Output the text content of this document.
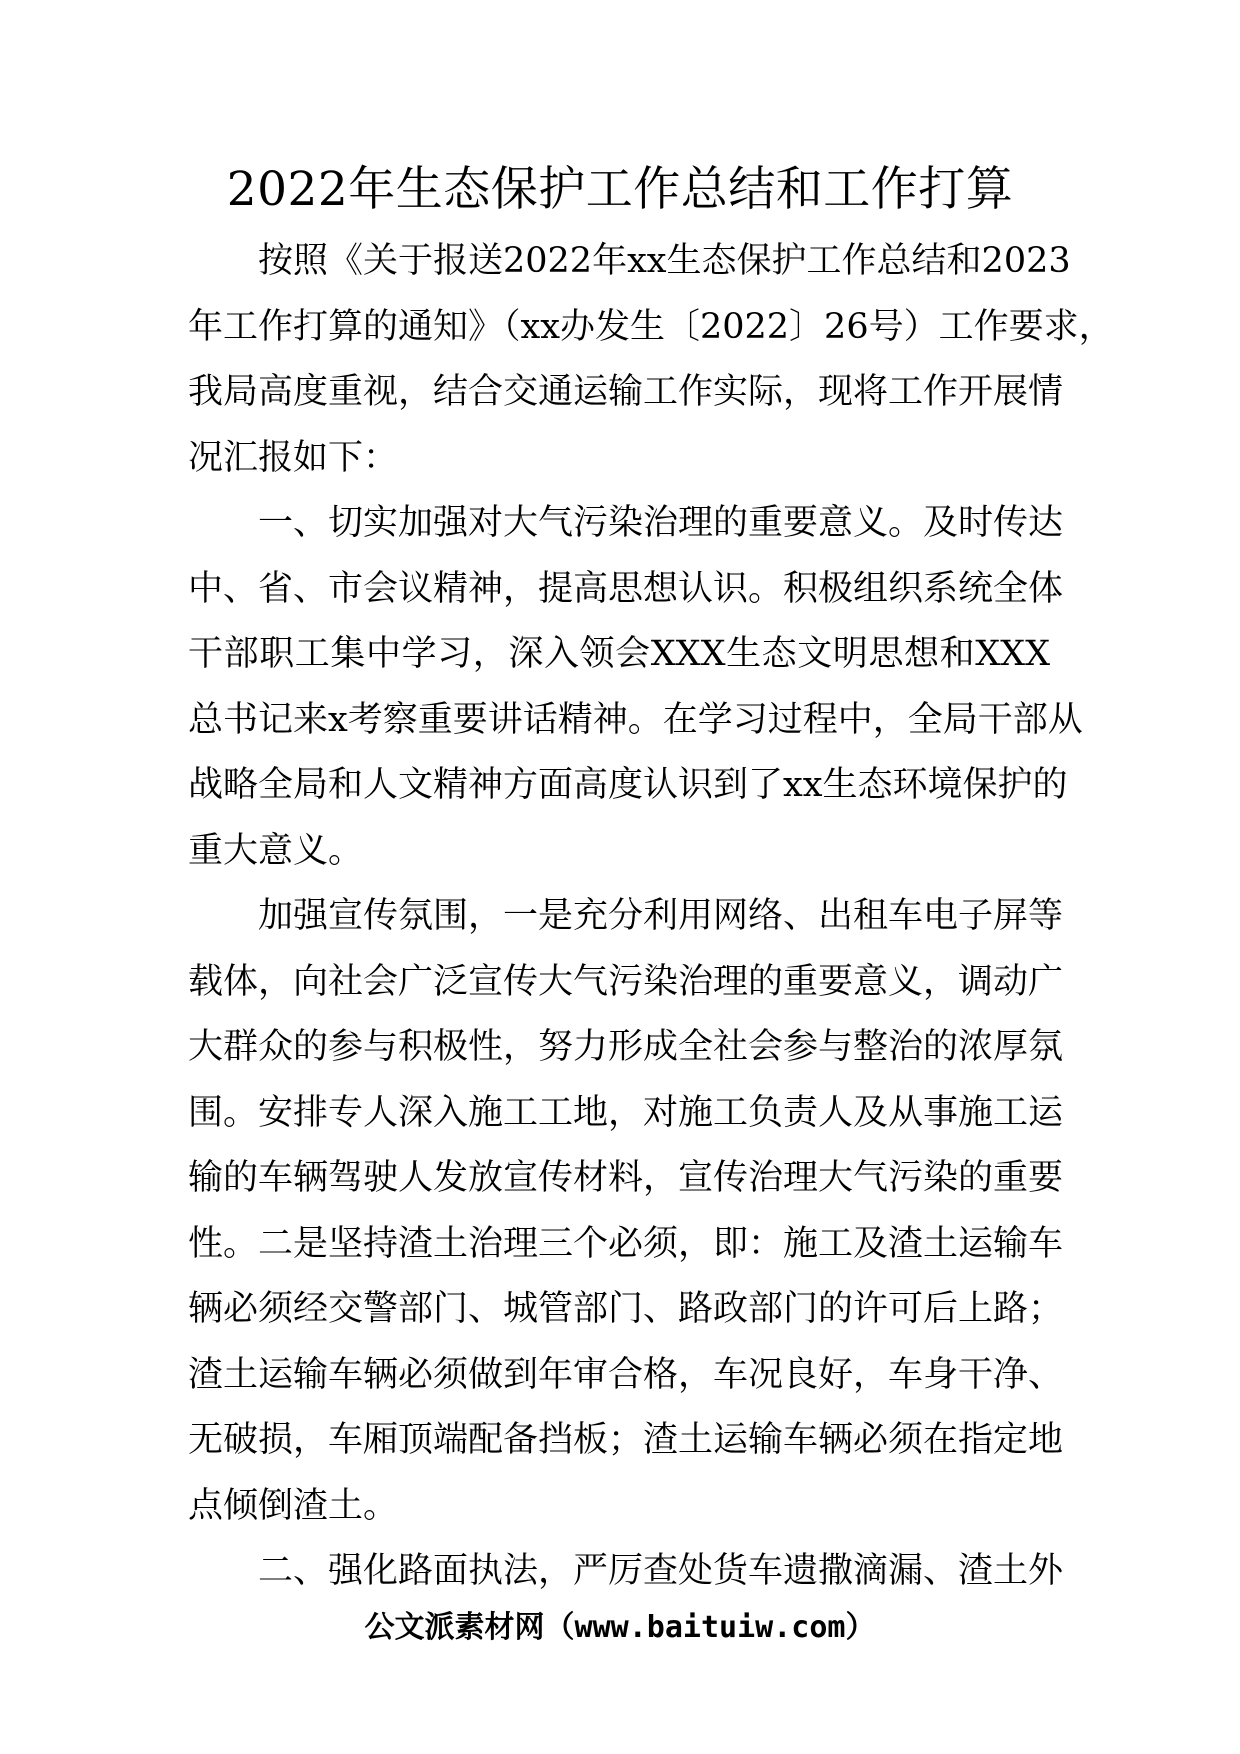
2022年生态保护工作总结和工作打算

按照《关于报送2022年xx生态保护工作总结和2023
年工作打算的通知》（xx办发生〔2022〕26号）工作要求，
我局高度重视，结合交通运输工作实际，现将工作开展情
况汇报如下：

一、切实加强对大气污染治理的重要意义。及时传达
中、省、市会议精神，提高思想认识。积极组织系统全体
干部职工集中学习，深入领会XXX生态文明思想和XXX
总书记来x考察重要讲话精神。在学习过程中，全局干部从
战略全局和人文精神方面高度认识到了xx生态环境保护的
重大意义。

加强宣传氛围，一是充分利用网络、出租车电子屏等
载体，向社会广泛宣传大气污染治理的重要意义，调动广
大群众的参与积极性，努力形成全社会参与整治的浓厚氛
围。安排专人深入施工工地，对施工负责人及从事施工运
输的车辆驾驶人发放宣传材料，宣传治理大气污染的重要
性。二是坚持渣土治理三个必须，即：施工及渣土运输车
辆必须经交警部门、城管部门、路政部门的许可后上路；
渣土运输车辆必须做到年审合格，车况良好，车身干净、
无破损，车厢顶端配备挡板；渣土运输车辆必须在指定地
点倾倒渣土。

二、强化路面执法，严厉查处货车遗撒滴漏、渣土外

公文派素材网（www.baituiw.com）
